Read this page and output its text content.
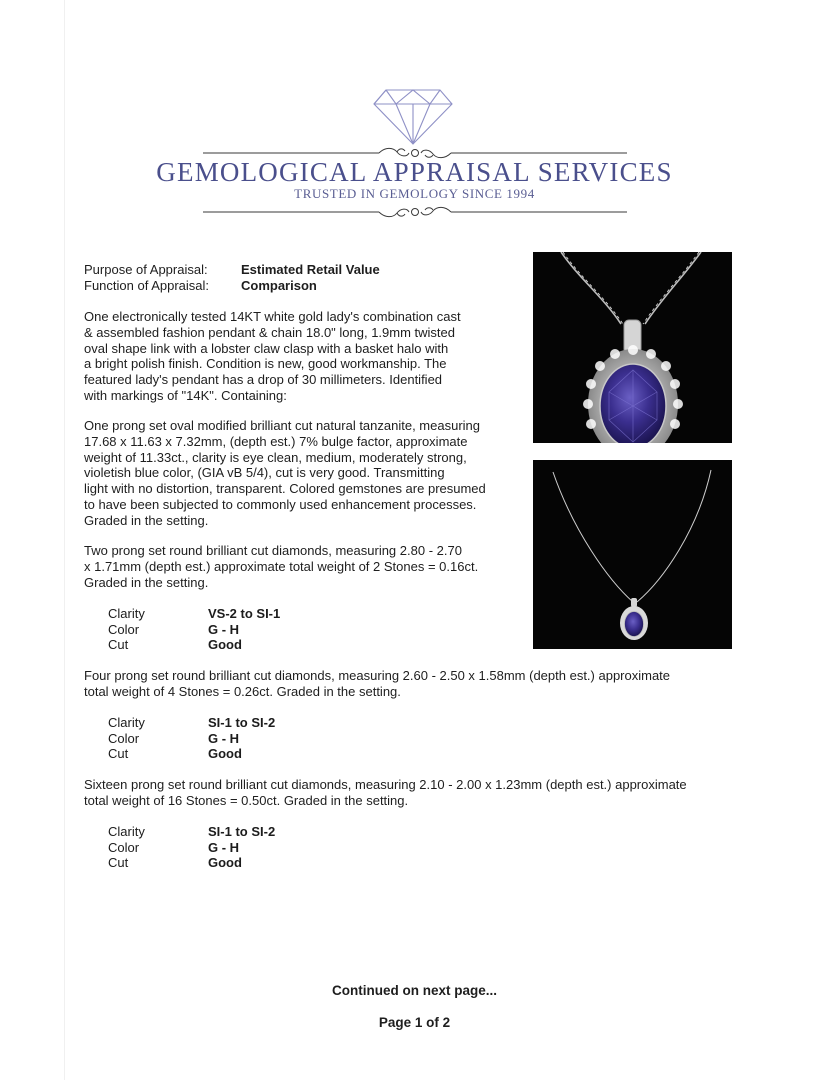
GEMOLOGICAL APPRAISAL SERVICES
TRUSTED IN GEMOLOGY SINCE 1994
Purpose of Appraisal:	Estimated Retail Value
Function of Appraisal: Comparison
One electronically tested 14KT white gold lady's combination cast
& assembled fashion pendant & chain 18.0" long, 1.9mm twisted
oval shape link with a lobster claw clasp with a basket halo with
a bright polish finish. Condition is new, good workmanship. The
featured lady's pendant has a drop of 30 millimeters. Identified
with markings of "14K". Containing:
One prong set oval modified brilliant cut natural tanzanite, measuring
17.68 x 11.63 x 7.32mm, (depth est.) 7% bulge factor, approximate
weight of 11.33ct., clarity is eye clean, medium, moderately strong,
violetish blue color, (GIA vB 5/4), cut is very good. Transmitting
light with no distortion, transparent. Colored gemstones are presumed
to have been subjected to commonly used enhancement processes.
Graded in the setting.
Two prong set round brilliant cut diamonds, measuring 2.80 - 2.70
x 1.71mm (depth est.) approximate total weight of 2 Stones = 0.16ct.
Graded in the setting.
Clarity	VS-2 to SI-1
Color	G - H
Cut	Good
Four prong set round brilliant cut diamonds, measuring 2.60 - 2.50 x 1.58mm (depth est.) approximate
total weight of 4 Stones = 0.26ct. Graded in the setting.
Clarity	SI-1 to SI-2
Color	G - H
Cut	Good
Sixteen prong set round brilliant cut diamonds, measuring 2.10 - 2.00 x 1.23mm (depth est.) approximate
total weight of 16 Stones = 0.50ct. Graded in the setting.
Clarity	SI-1 to SI-2
Color	G - H
Cut	Good
Continued on next page...
Page 1 of 2
